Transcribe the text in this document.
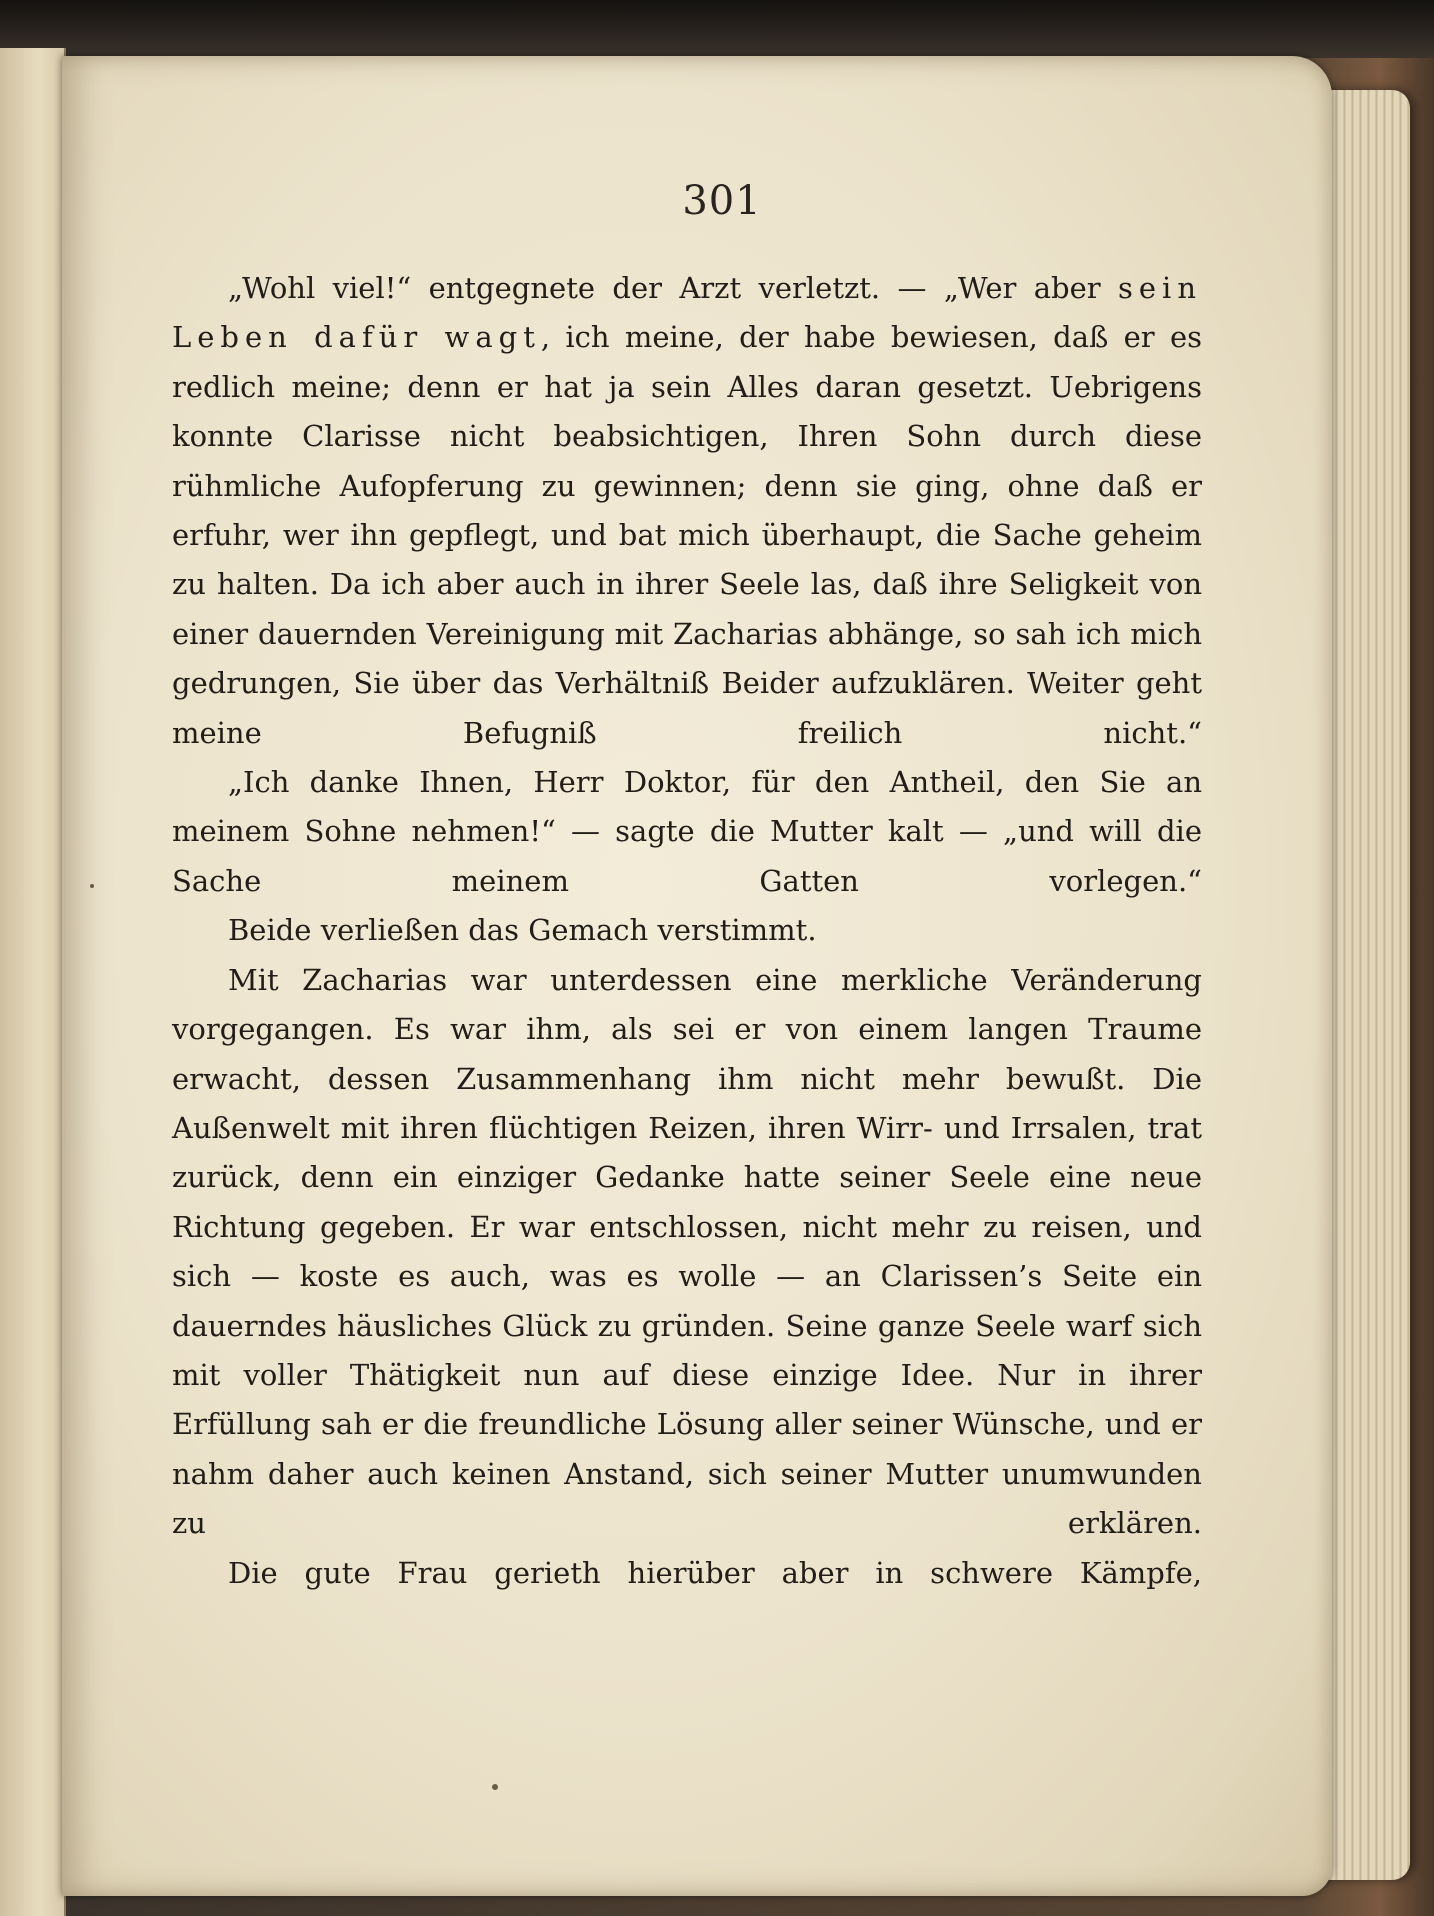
301

„Wohl viel!“ entgegnete der Arzt verletzt. — „Wer aber sein Leben dafür wagt, ich meine, der habe bewiesen, daß er es redlich meine; denn er hat ja sein Alles daran gesetzt. Uebrigens konnte Clarisse nicht beabsichtigen, Ihren Sohn durch diese rühmliche Aufopferung zu gewinnen; denn sie ging, ohne daß er erfuhr, wer ihn gepflegt, und bat mich überhaupt, die Sache geheim zu halten. Da ich aber auch in ihrer Seele las, daß ihre Seligkeit von einer dauernden Vereinigung mit Zacharias abhänge, so sah ich mich gedrungen, Sie über das Verhältniß Beider aufzuklären. Weiter geht meine Befugniß freilich nicht.“

„Ich danke Ihnen, Herr Doktor, für den Antheil, den Sie an meinem Sohne nehmen!“ — sagte die Mutter kalt — „und will die Sache meinem Gatten vorlegen.“

Beide verließen das Gemach verstimmt.

Mit Zacharias war unterdessen eine merkliche Veränderung vorgegangen. Es war ihm, als sei er von einem langen Traume erwacht, dessen Zusammenhang ihm nicht mehr bewußt. Die Außenwelt mit ihren flüchtigen Reizen, ihren Wirr- und Irrsalen, trat zurück, denn ein einziger Gedanke hatte seiner Seele eine neue Richtung gegeben. Er war entschlossen, nicht mehr zu reisen, und sich — koste es auch, was es wolle — an Clarissen’s Seite ein dauerndes häusliches Glück zu gründen. Seine ganze Seele warf sich mit voller Thätigkeit nun auf diese einzige Idee. Nur in ihrer Erfüllung sah er die freundliche Lösung aller seiner Wünsche, und er nahm daher auch keinen Anstand, sich seiner Mutter unumwunden zu erklären.

Die gute Frau gerieth hierüber aber in schwere Kämpfe,
